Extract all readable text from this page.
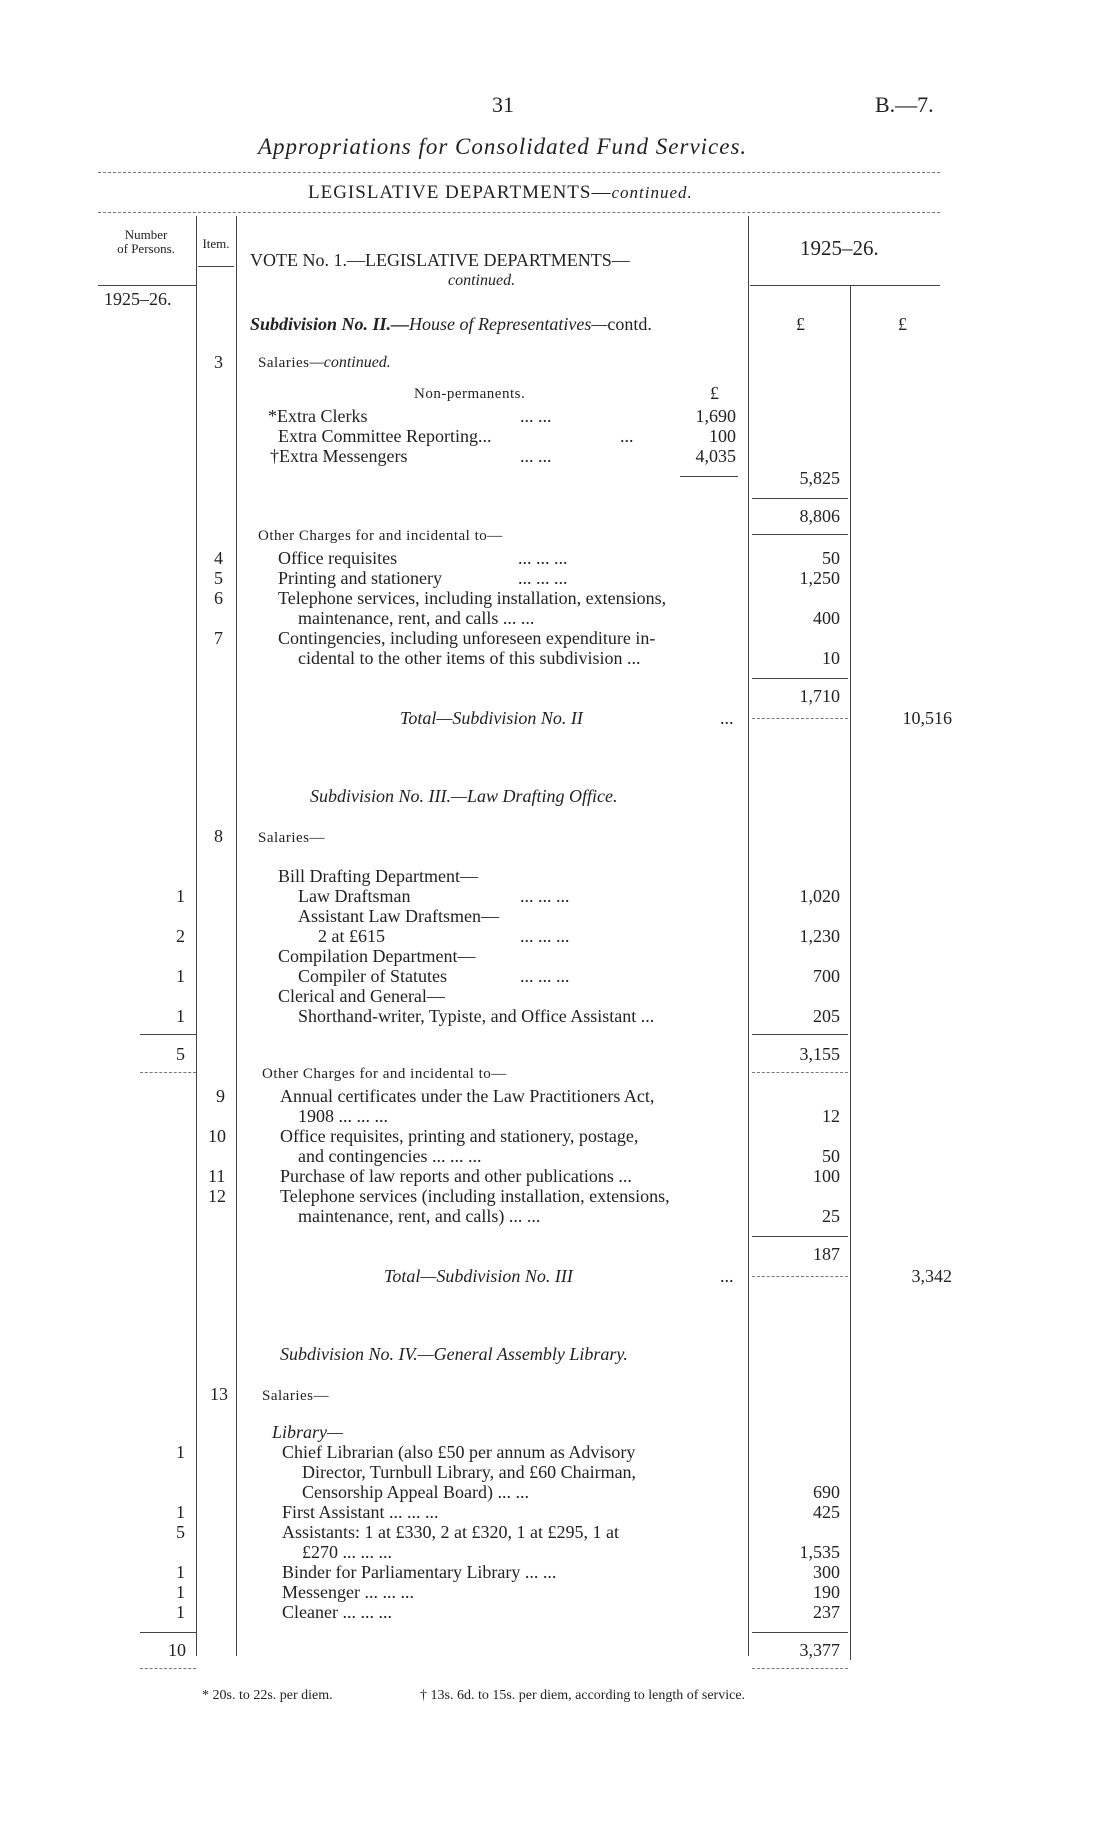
31	B.—7.
Appropriations for Consolidated Fund Services.
LEGISLATIVE DEPARTMENTS—continued.
Number
of Persons.	Item.
1925–26.
VOTE No. 1.—LEGISLATIVE DEPARTMENTS—
continued.
1925–26.
Subdivision No. II.—House of Representatives—contd.	£	£
3 Salaries—continued.
Non-permanents.	£
*Extra Clerks	... ...	1,690
Extra Committee Reporting...	...	100
†Extra Messengers	... ...	4,035
5,825
8,806
Other Charges for and incidental to—
4	Office requisites	... ... ...	50
5	Printing and stationery	... ... ...	1,250
6	Telephone services, including installation, extensions,
maintenance, rent, and calls ... ...	400
7	Contingencies, including unforeseen expenditure in-
cidental to the other items of this subdivision ...	10
1,710
Total—Subdivision No. II	...	10,516
Subdivision No. III.—Law Drafting Office.
8 Salaries—
Bill Drafting Department—
1	Law Draftsman	... ... ...	1,020
Assistant Law Draftsmen—
2	2 at £615	... ... ...	1,230
Compilation Department—
1	Compiler of Statutes	... ... ...	700
Clerical and General—
1	Shorthand-writer, Typiste, and Office Assistant ...	205
5	3,155
Other Charges for and incidental to—
9	Annual certificates under the Law Practitioners Act,
1908 ... ... ...	12
10	Office requisites, printing and stationery, postage,
and contingencies ... ... ...	50
11	Purchase of law reports and other publications ...	100
12	Telephone services (including installation, extensions,
maintenance, rent, and calls) ... ...	25
187
Total—Subdivision No. III	...	3,342
Subdivision No. IV.—General Assembly Library.
13 Salaries—
Library—
1	Chief Librarian (also £50 per annum as Advisory
Director, Turnbull Library, and £60 Chairman,
Censorship Appeal Board) ... ...	690
1	First Assistant ... ... ...	425
5	Assistants: 1 at £330, 2 at £320, 1 at £295, 1 at
£270 ... ... ...	1,535
1	Binder for Parliamentary Library ... ...	300
1	Messenger ... ... ...	190
1	Cleaner ... ... ...	237
10	3,377
* 20s. to 22s. per diem.	† 13s. 6d. to 15s. per diem, according to length of service.
